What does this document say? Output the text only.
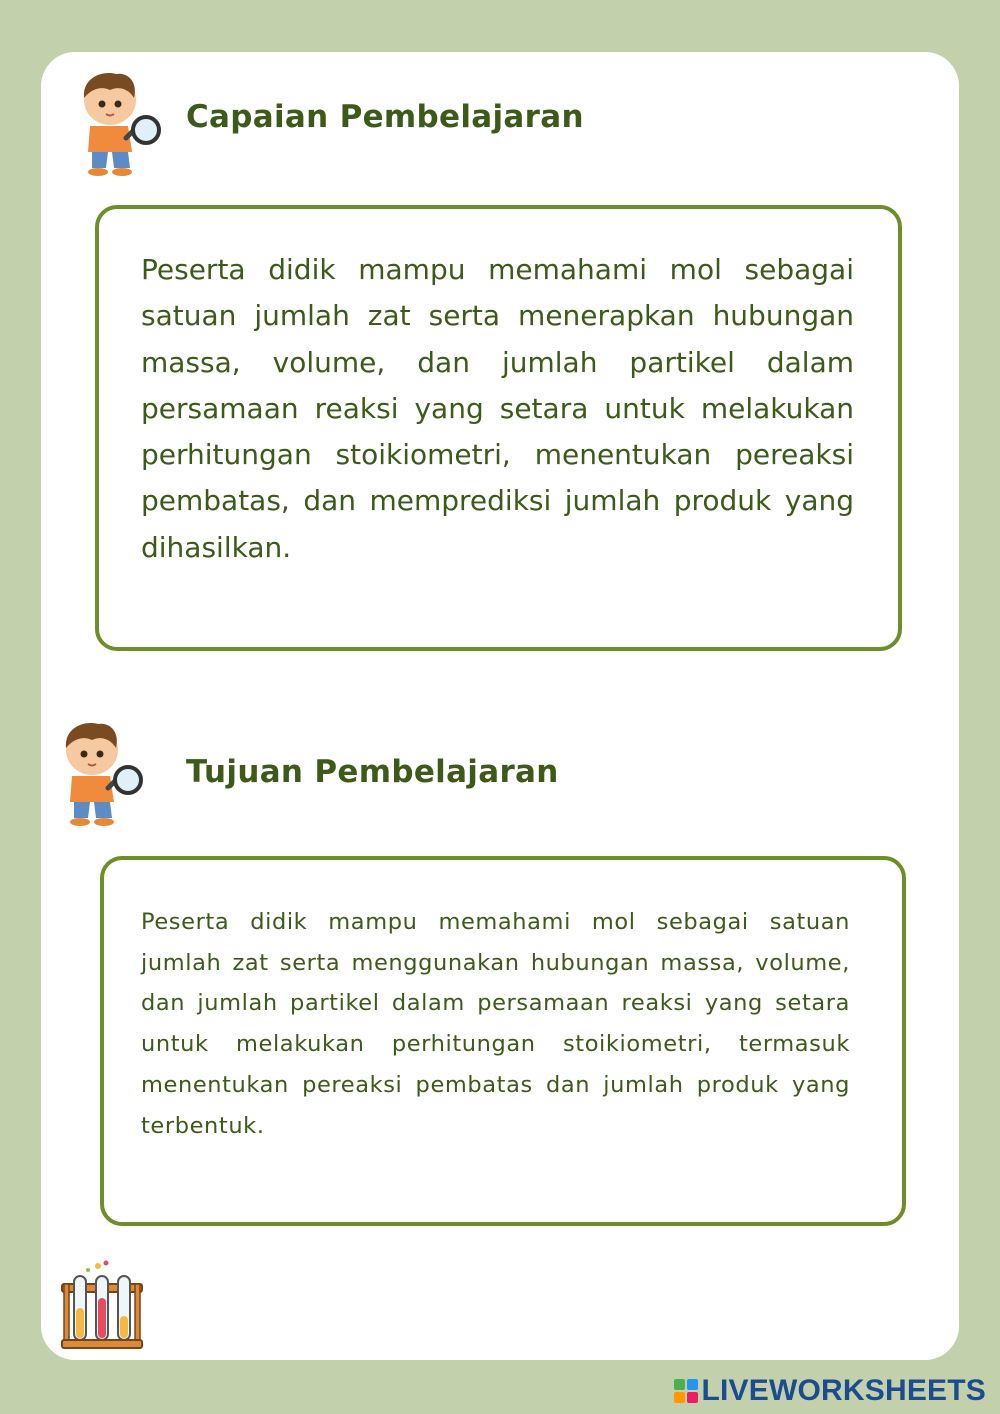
Capaian Pembelajaran

Peserta didik mampu memahami mol sebagai satuan jumlah zat serta menerapkan hubungan massa, volume, dan jumlah partikel dalam persamaan reaksi yang setara untuk melakukan perhitungan stoikiometri, menentukan pereaksi pembatas, dan memprediksi jumlah produk yang dihasilkan.

Tujuan Pembelajaran

Peserta didik mampu memahami mol sebagai satuan jumlah zat serta menggunakan hubungan massa, volume, dan jumlah partikel dalam persamaan reaksi yang setara untuk melakukan perhitungan stoikiometri, termasuk menentukan pereaksi pembatas dan jumlah produk yang terbentuk.

LIVEWORKSHEETS
